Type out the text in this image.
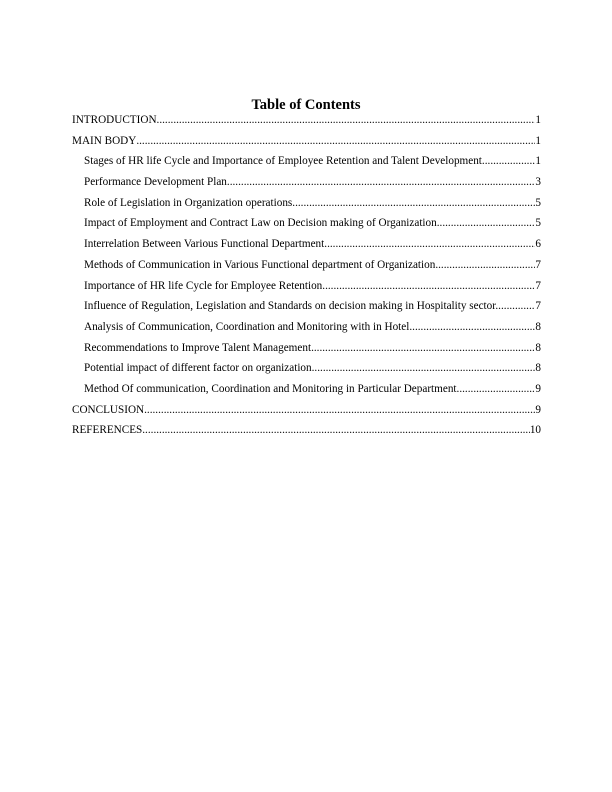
Table of Contents
INTRODUCTION .....	1
MAIN BODY .....	1
Stages of HR life Cycle and Importance of Employee Retention and Talent Development .....	1
Performance Development Plan .....	3
Role of Legislation in Organization operations .....	5
Impact of Employment and Contract Law on Decision making of Organization .....	5
Interrelation Between Various Functional Department .....	6
Methods of Communication in Various Functional department of Organization .....	7
Importance of HR life Cycle for Employee Retention .....	7
Influence of Regulation, Legislation and Standards on decision making in Hospitality sector. .....	7
Analysis of Communication, Coordination and Monitoring with in Hotel .....	8
Recommendations to Improve Talent Management .....	8
Potential impact of different factor on organization .....	8
Method Of communication, Coordination and Monitoring in Particular Department .....	9
CONCLUSION .....	9
REFERENCES .....	10
